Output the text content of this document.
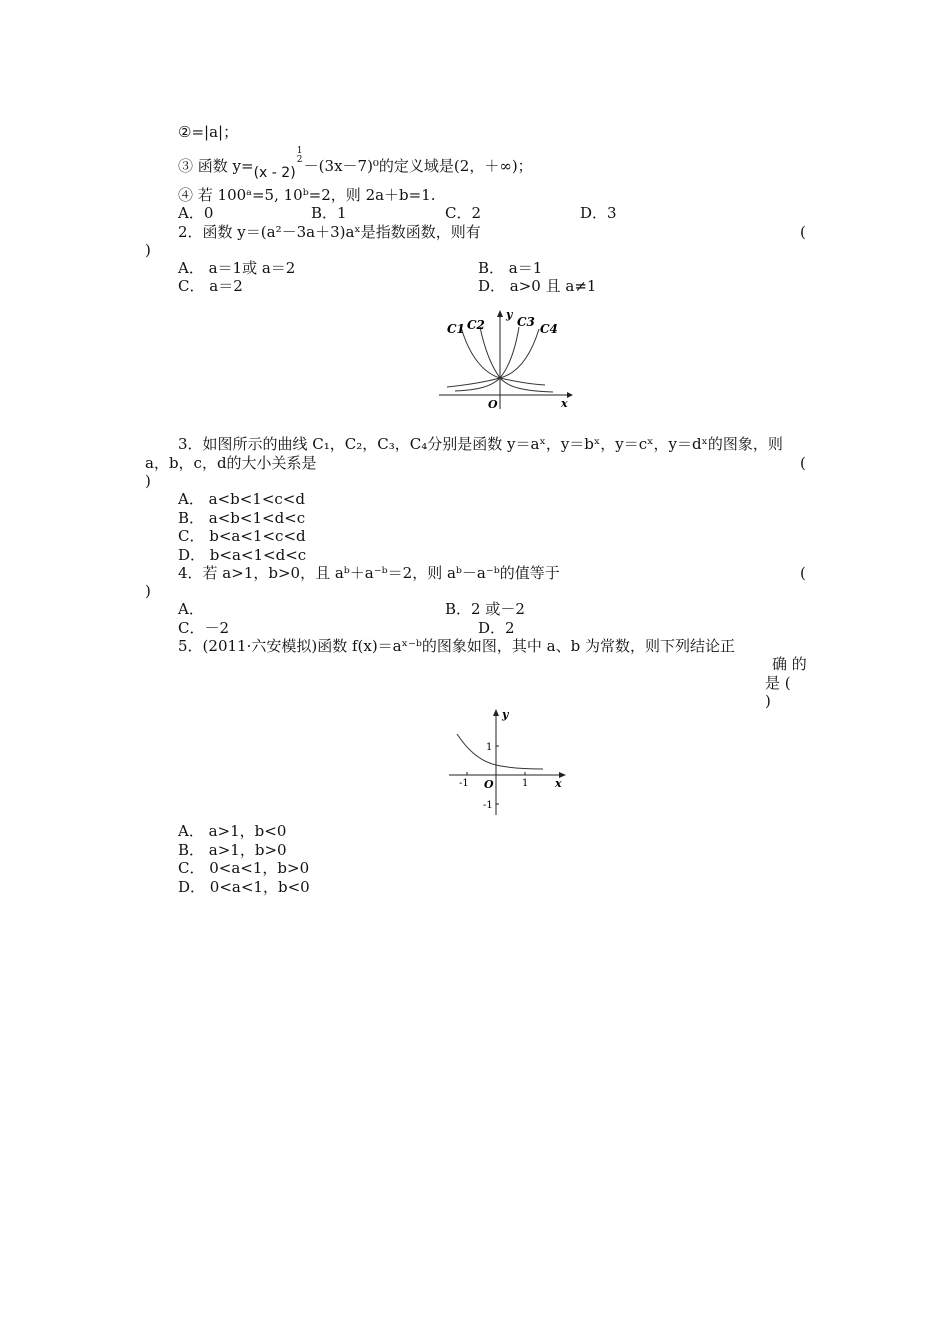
②=|a|；
③ 函数 y=(x - 2)
1
2 －(3x－7)⁰的定义域是(2，＋∞)；
④ 若 100ᵃ=5, 10ᵇ=2，则 2a＋b=1.
A．0	B．1	C．2	D．3
2．函数 y＝(a²－3a＋3)aˣ是指数函数，则有	(
)
A． a＝1或 a＝2	B． a＝1
C． a＝2	D． a>0 且 a≠1
y
x
O
C1 C2	C3 C4
3．如图所示的曲线 C₁，C₂，C₃，C₄分别是函数 y＝aˣ，y＝bˣ，y＝cˣ，y＝dˣ的图象，则
a，b，c，d的大小关系是	(
)
A． a<b<1<c<d
B． a<b<1<d<c
C． b<a<1<c<d
D． b<a<1<d<c
4．若 a>1，b>0，且 aᵇ＋a⁻ᵇ＝2，则 aᵇ－a⁻ᵇ的值等于	(
)
A．	B．2 或－2
C．－2	D．2
5．(2011·六安模拟)函数 f(x)＝aˣ⁻ᵇ的图象如图，其中 a、b 为常数，则下列结论正
确 的
是 (
)
y
x
O
-1	1
1
-1
A． a>1，b<0
B． a>1，b>0
C． 0<a<1，b>0
D． 0<a<1，b<0
